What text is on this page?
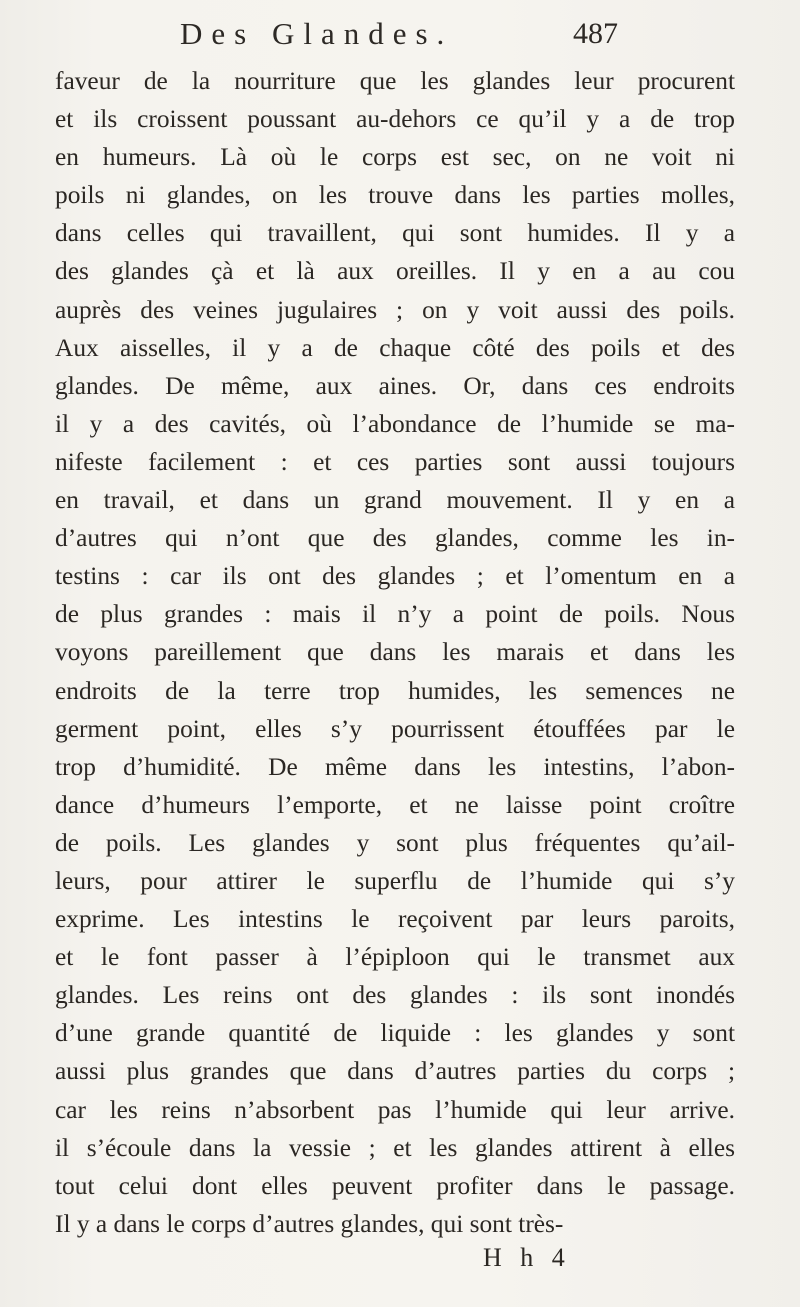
Des Glandes.	487
faveur de la nourriture que les glandes leur procurent
et ils croissent poussant au-dehors ce qu’il y a de trop
en humeurs. Là où le corps est sec, on ne voit ni
poils ni glandes, on les trouve dans les parties molles,
dans celles qui travaillent, qui sont humides. Il y a
des glandes çà et là aux oreilles. Il y en a au cou
auprès des veines jugulaires ; on y voit aussi des poils.
Aux aisselles, il y a de chaque côté des poils et des
glandes. De même, aux aines. Or, dans ces endroits
il y a des cavités, où l’abondance de l’humide se ma-
nifeste facilement : et ces parties sont aussi toujours
en travail, et dans un grand mouvement. Il y en a
d’autres qui n’ont que des glandes, comme les in-
testins : car ils ont des glandes ; et l’omentum en a
de plus grandes : mais il n’y a point de poils. Nous
voyons pareillement que dans les marais et dans les
endroits de la terre trop humides, les semences ne
germent point, elles s’y pourrissent étouffées par le
trop d’humidité. De même dans les intestins, l’abon-
dance d’humeurs l’emporte, et ne laisse point croître
de poils. Les glandes y sont plus fréquentes qu’ail-
leurs, pour attirer le superflu de l’humide qui s’y
exprime. Les intestins le reçoivent par leurs paroits,
et le font passer à l’épiploon qui le transmet aux
glandes. Les reins ont des glandes : ils sont inondés
d’une grande quantité de liquide : les glandes y sont
aussi plus grandes que dans d’autres parties du corps ;
car les reins n’absorbent pas l’humide qui leur arrive.
il s’écoule dans la vessie ; et les glandes attirent à elles
tout celui dont elles peuvent profiter dans le passage.
Il y a dans le corps d’autres glandes, qui sont très-
H h 4
